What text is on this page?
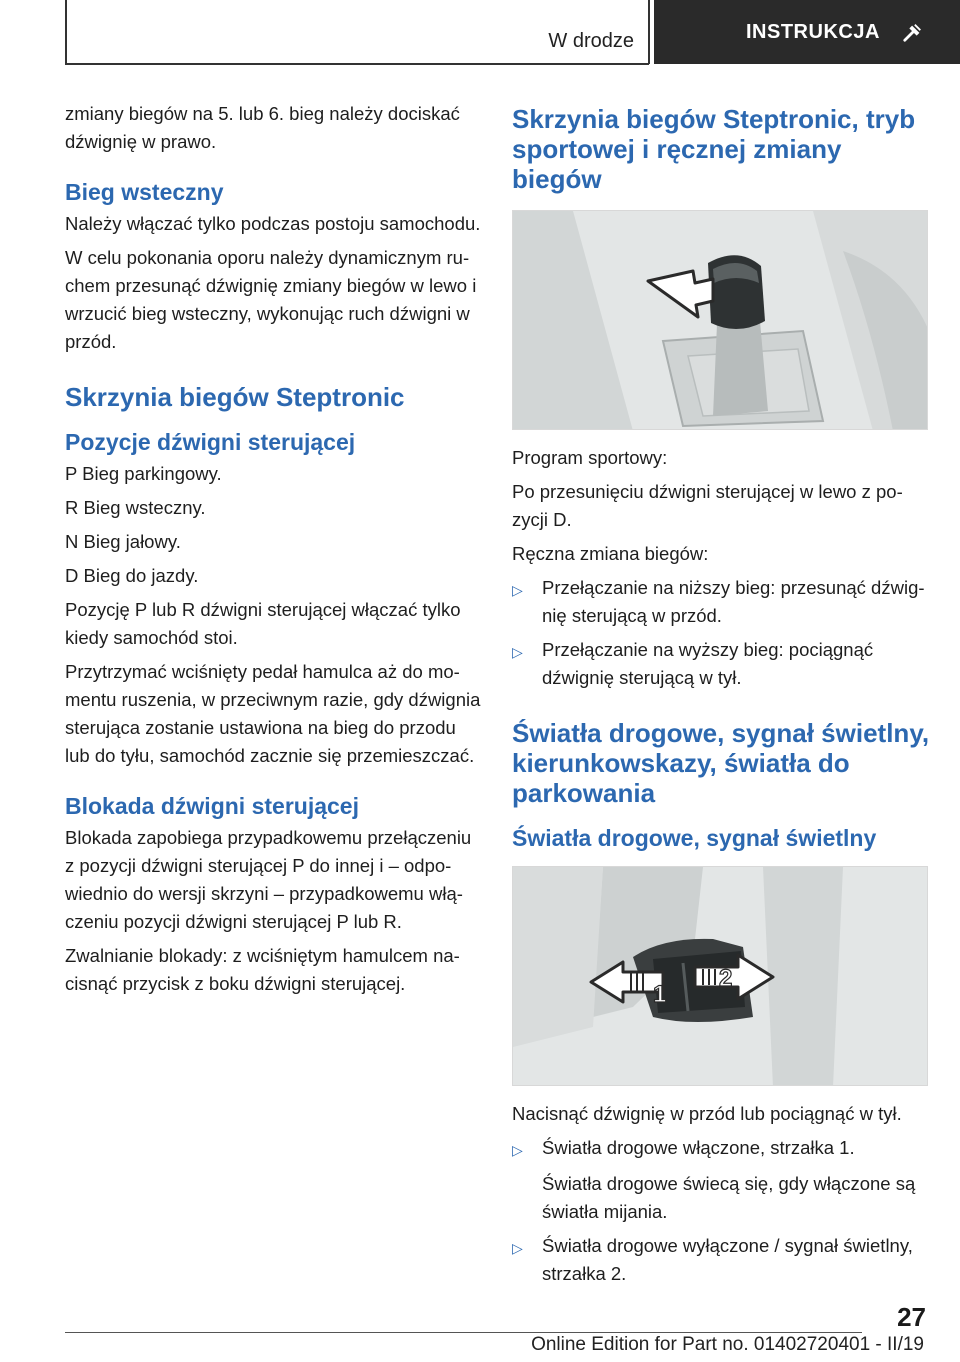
W drodze	INSTRUKCJA

zmiany biegów na 5. lub 6. bieg należy dociskać dźwignię w prawo.

Bieg wsteczny

Należy włączać tylko podczas postoju samochodu.

W celu pokonania oporu należy dynamicznym ruchem przesunąć dźwignię zmiany biegów w lewo i wrzucić bieg wsteczny, wykonując ruch dźwigni w przód.

Skrzynia biegów Steptronic
Pozycje dźwigni sterującej

P Bieg parkingowy.

R Bieg wsteczny.

N Bieg jałowy.

D Bieg do jazdy.

Pozycję P lub R dźwigni sterującej włączać tylko kiedy samochód stoi.

Przytrzymać wciśnięty pedał hamulca aż do momentu ruszenia, w przeciwnym razie, gdy dźwignia sterująca zostanie ustawiona na bieg do przodu lub do tyłu, samochód zacznie się przemieszczać.

Blokada dźwigni sterującej

Blokada zapobiega przypadkowemu przełączeniu z pozycji dźwigni sterującej P do innej i – odpowiednio do wersji skrzyni – przypadkowemu włączeniu pozycji dźwigni sterującej P lub R.

Zwalnianie blokady: z wciśniętym hamulcem nacisnąć przycisk z boku dźwigni sterującej.

Skrzynia biegów Steptronic, tryb sportowej i ręcznej zmiany biegów

Program sportowy:

Po przesunięciu dźwigni sterującej w lewo z pozycji D.

Ręczna zmiana biegów:

▷	Przełączanie na niższy bieg: przesunąć dźwignię sterującą w przód.
▷	Przełączanie na wyższy bieg: pociągnąć dźwignię sterującą w tył.
Światła drogowe, sygnał świetlny, kierunkowskazy, światła do parkowania
Światła drogowe, sygnał świetlny
1
2

Nacisnąć dźwignię w przód lub pociągnąć w tył.

▷	Światła drogowe włączone, strzałka 1.

Światła drogowe świecą się, gdy włączone są światła mijania.

▷	Światła drogowe wyłączone / sygnał świetlny, strzałka 2.
27
Online Edition for Part no. 01402720401 - II/19
